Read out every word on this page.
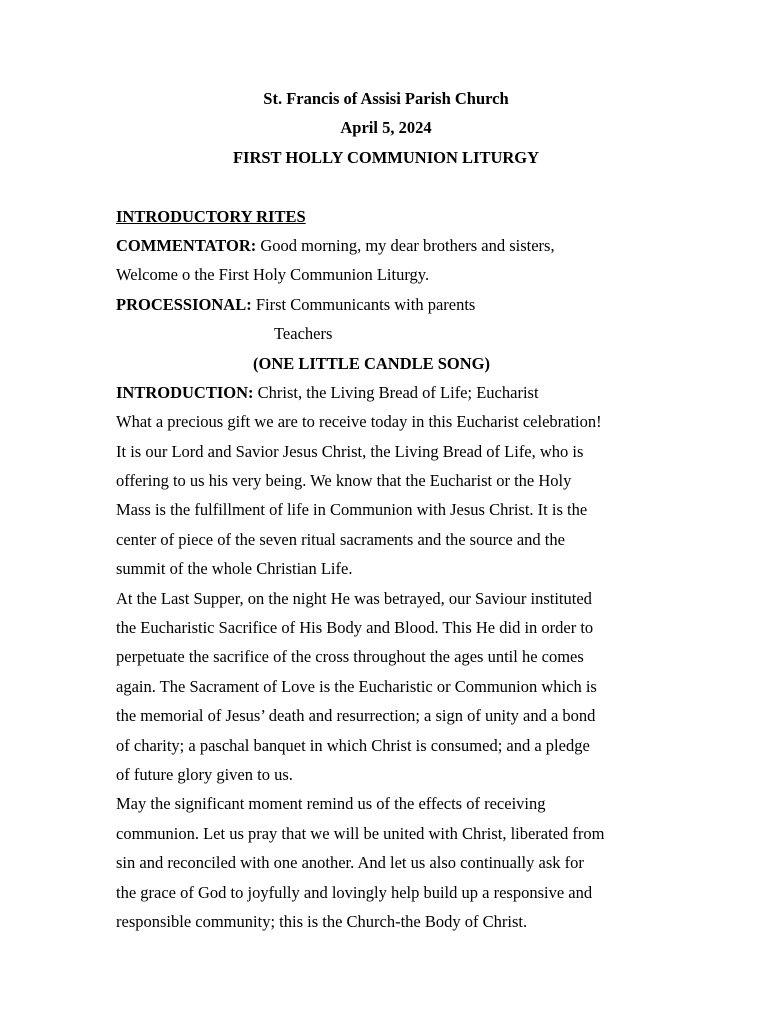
St. Francis of Assisi Parish Church
April 5, 2024
FIRST HOLLY COMMUNION LITURGY
INTRODUCTORY RITES
COMMENTATOR: Good morning, my dear brothers and sisters,
Welcome o the First Holy Communion Liturgy.
PROCESSIONAL: First Communicants with parents
Teachers
(ONE LITTLE CANDLE SONG)
INTRODUCTION: Christ, the Living Bread of Life; Eucharist
What a precious gift we are to receive today in this Eucharist celebration!
It is our Lord and Savior Jesus Christ, the Living Bread of Life, who is
offering to us his very being. We know that the Eucharist or the Holy
Mass is the fulfillment of life in Communion with Jesus Christ. It is the
center of piece of the seven ritual sacraments and the source and the
summit of the whole Christian Life.
At the Last Supper, on the night He was betrayed, our Saviour instituted
the Eucharistic Sacrifice of His Body and Blood. This He did in order to
perpetuate the sacrifice of the cross throughout the ages until he comes
again. The Sacrament of Love is the Eucharistic or Communion which is
the memorial of Jesus’ death and resurrection; a sign of unity and a bond
of charity; a paschal banquet in which Christ is consumed; and a pledge
of future glory given to us.
May the significant moment remind us of the effects of receiving
communion. Let us pray that we will be united with Christ, liberated from
sin and reconciled with one another. And let us also continually ask for
the grace of God to joyfully and lovingly help build up a responsive and
responsible community; this is the Church-the Body of Christ.
